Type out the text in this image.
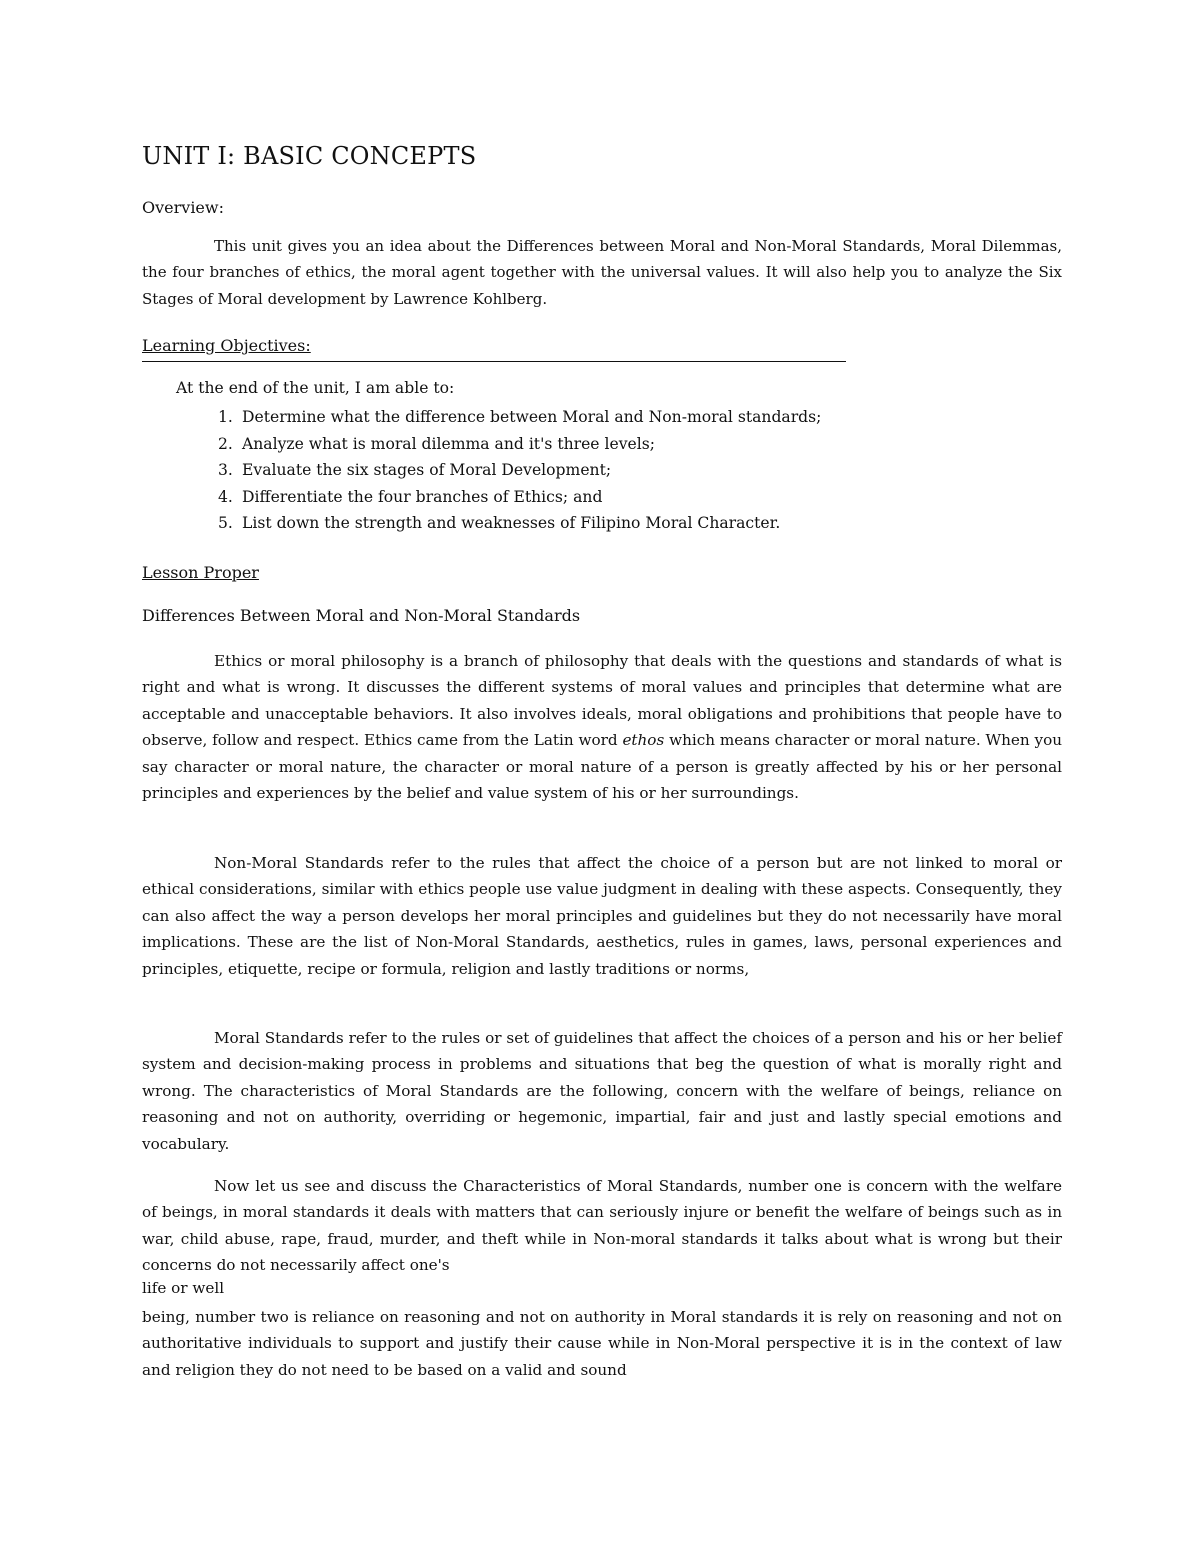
UNIT I: BASIC CONCEPTS

Overview:

This unit gives you an idea about the Differences between Moral and Non-Moral Standards, Moral Dilemmas, the four branches of ethics, the moral agent together with the universal values. It will also help you to analyze the Six Stages of Moral development by Lawrence Kohlberg.

Learning Objectives:

At the end of the unit, I am able to:

1. Determine what the difference between Moral and Non-moral standards;
2. Analyze what is moral dilemma and it's three levels;
3. Evaluate the six stages of Moral Development;
4. Differentiate the four branches of Ethics; and
5. List down the strength and weaknesses of Filipino Moral Character.

Lesson Proper

Differences Between Moral and Non-Moral Standards

Ethics or moral philosophy is a branch of philosophy that deals with the questions and standards of what is right and what is wrong. It discusses the different systems of moral values and principles that determine what are acceptable and unacceptable behaviors. It also involves ideals, moral obligations and prohibitions that people have to observe, follow and respect. Ethics came from the Latin word ethos which means character or moral nature. When you say character or moral nature, the character or moral nature of a person is greatly affected by his or her personal principles and experiences by the belief and value system of his or her surroundings.

Non-Moral Standards refer to the rules that affect the choice of a person but are not linked to moral or ethical considerations, similar with ethics people use value judgment in dealing with these aspects. Consequently, they can also affect the way a person develops her moral principles and guidelines but they do not necessarily have moral implications. These are the list of Non-Moral Standards, aesthetics, rules in games, laws, personal experiences and principles, etiquette, recipe or formula, religion and lastly traditions or norms,

Moral Standards refer to the rules or set of guidelines that affect the choices of a person and his or her belief system and decision-making process in problems and situations that beg the question of what is morally right and wrong. The characteristics of Moral Standards are the following, concern with the welfare of beings, reliance on reasoning and not on authority, overriding or hegemonic, impartial, fair and just and lastly special emotions and vocabulary.

Now let us see and discuss the Characteristics of Moral Standards, number one is concern with the welfare of beings, in moral standards it deals with matters that can seriously injure or benefit the welfare of beings such as in war, child abuse, rape, fraud, murder, and theft while in Non-moral standards it talks about what is wrong but their concerns do not necessarily affect one's

life or well

being, number two is reliance on reasoning and not on authority in Moral standards it is rely on reasoning and not on authoritative individuals to support and justify their cause while in Non-Moral perspective it is in the context of law and religion they do not need to be based on a valid and sound
